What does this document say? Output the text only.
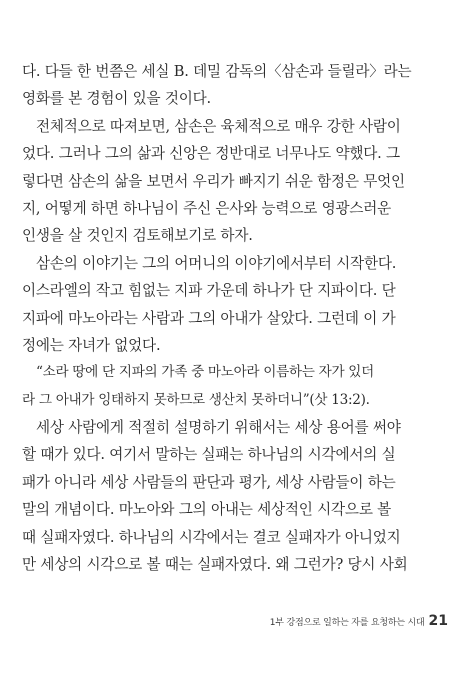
다. 다들 한 번쯤은 세실 B. 데밀 감독의〈삼손과 들릴라〉라는
영화를 본 경험이 있을 것이다.
전체적으로 따져보면, 삼손은 육체적으로 매우 강한 사람이
었다. 그러나 그의 삶과 신앙은 정반대로 너무나도 약했다. 그
렇다면 삼손의 삶을 보면서 우리가 빠지기 쉬운 함정은 무엇인
지, 어떻게 하면 하나님이 주신 은사와 능력으로 영광스러운
인생을 살 것인지 검토해보기로 하자.
삼손의 이야기는 그의 어머니의 이야기에서부터 시작한다.
이스라엘의 작고 힘없는 지파 가운데 하나가 단 지파이다. 단
지파에 마노아라는 사람과 그의 아내가 살았다. 그런데 이 가
정에는 자녀가 없었다.
“소라 땅에 단 지파의 가족 중 마노아라 이름하는 자가 있더
라 그 아내가 잉태하지 못하므로 생산치 못하더니”(삿 13:2).
세상 사람에게 적절히 설명하기 위해서는 세상 용어를 써야
할 때가 있다. 여기서 말하는 실패는 하나님의 시각에서의 실
패가 아니라 세상 사람들의 판단과 평가, 세상 사람들이 하는
말의 개념이다. 마노아와 그의 아내는 세상적인 시각으로 볼
때 실패자였다. 하나님의 시각에서는 결코 실패자가 아니었지
만 세상의 시각으로 볼 때는 실패자였다. 왜 그런가? 당시 사회
1부 강점으로 일하는 자를 요청하는 시대 21
